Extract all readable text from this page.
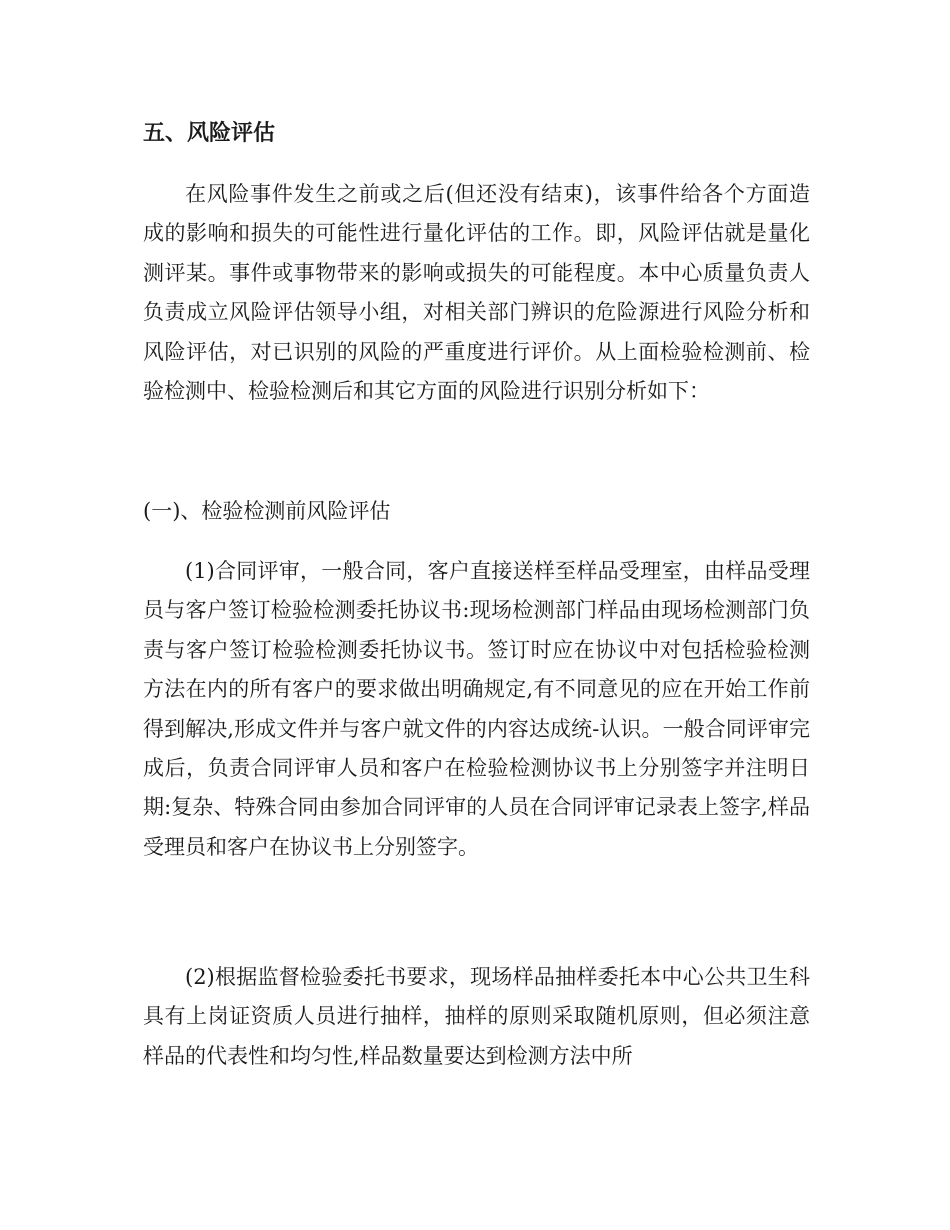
五、风险评估

在风险事件发生之前或之后(但还没有结束)，该事件给各个方面造成的影响和损失的可能性进行量化评估的工作。即，风险评估就是量化测评某。事件或事物带来的影响或损失的可能程度。本中心质量负责人负责成立风险评估领导小组，对相关部门辨识的危险源进行风险分析和风险评估，对已识别的风险的严重度进行评价。从上面检验检测前、检验检测中、检验检测后和其它方面的风险进行识别分析如下：

(一)、检验检测前风险评估

(1)合同评审，一般合同，客户直接送样至样品受理室，由样品受理员与客户签订检验检测委托协议书:现场检测部门样品由现场检测部门负责与客户签订检验检测委托协议书。签订时应在协议中对包括检验检测方法在内的所有客户的要求做出明确规定,有不同意见的应在开始工作前得到解决,形成文件并与客户就文件的内容达成统-认识。一般合同评审完成后，负责合同评审人员和客户在检验检测协议书上分别签字并注明日期:复杂、特殊合同由参加合同评审的人员在合同评审记录表上签字,样品受理员和客户在协议书上分别签字。

(2)根据监督检验委托书要求，现场样品抽样委托本中心公共卫生科具有上岗证资质人员进行抽样，抽样的原则采取随机原则，但必须注意样品的代表性和均匀性,样品数量要达到检测方法中所
